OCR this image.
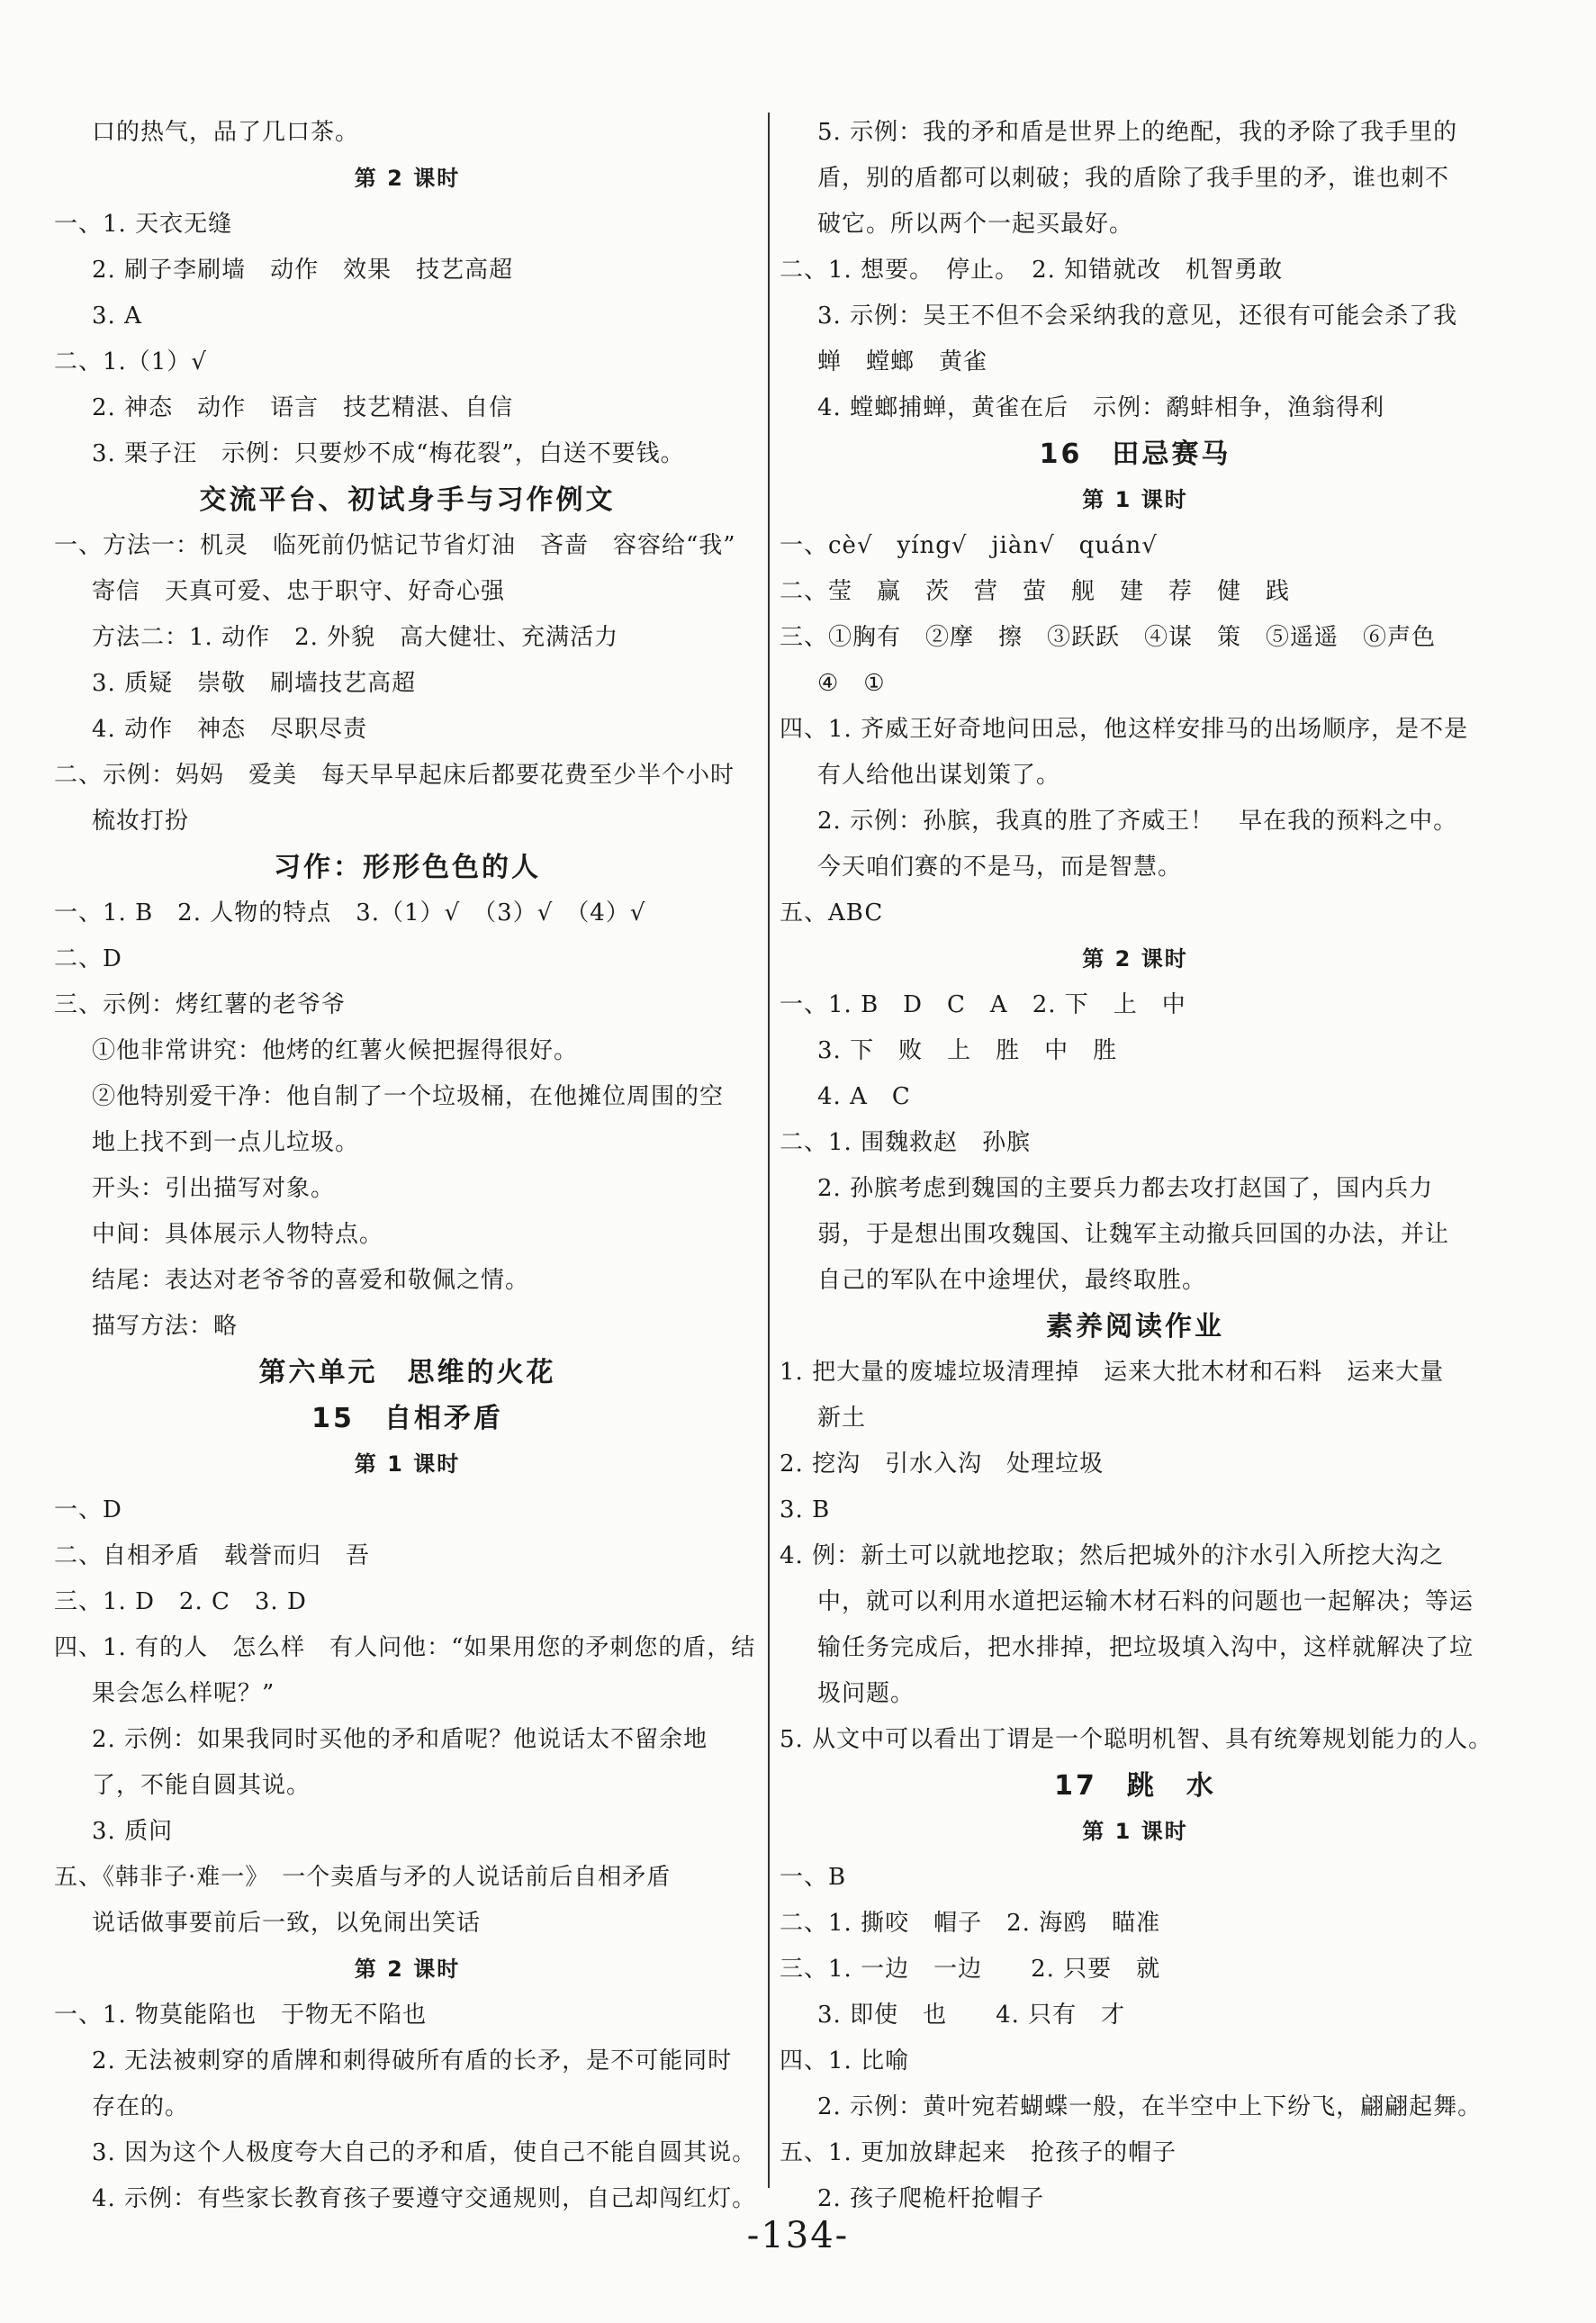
口的热气，品了几口茶。
第 2 课时
一、1. 天衣无缝
2. 刷子李刷墙　动作　效果　技艺高超
3. A
二、1.（1）√
2. 神态　动作　语言　技艺精湛、自信
3. 栗子汪　示例：只要炒不成“梅花裂”，白送不要钱。
交流平台、初试身手与习作例文
一、方法一：机灵　临死前仍惦记节省灯油　吝啬　容容给“我”
寄信　天真可爱、忠于职守、好奇心强
方法二：1. 动作　2. 外貌　高大健壮、充满活力
3. 质疑　崇敬　刷墙技艺高超
4. 动作　神态　尽职尽责
二、示例：妈妈　爱美　每天早早起床后都要花费至少半个小时
梳妆打扮
习作：形形色色的人
一、1. B　2. 人物的特点　3.（1）√　（3）√　（4）√
二、D
三、示例：烤红薯的老爷爷
①他非常讲究：他烤的红薯火候把握得很好。
②他特别爱干净：他自制了一个垃圾桶，在他摊位周围的空
地上找不到一点儿垃圾。
开头：引出描写对象。
中间：具体展示人物特点。
结尾：表达对老爷爷的喜爱和敬佩之情。
描写方法：略
第六单元　思维的火花
15　自相矛盾
第 1 课时
一、D
二、自相矛盾　载誉而归　吾
三、1. D　2. C　3. D
四、1. 有的人　怎么样　有人问他：“如果用您的矛刺您的盾，结
果会怎么样呢？”
2. 示例：如果我同时买他的矛和盾呢？他说话太不留余地
了，不能自圆其说。
3. 质问
五、《韩非子·难一》　一个卖盾与矛的人说话前后自相矛盾
说话做事要前后一致，以免闹出笑话
第 2 课时
一、1. 物莫能陷也　于物无不陷也
2. 无法被刺穿的盾牌和刺得破所有盾的长矛，是不可能同时
存在的。
3. 因为这个人极度夸大自己的矛和盾，使自己不能自圆其说。
4. 示例：有些家长教育孩子要遵守交通规则，自己却闯红灯。
5. 示例：我的矛和盾是世界上的绝配，我的矛除了我手里的
盾，别的盾都可以刺破；我的盾除了我手里的矛，谁也刺不
破它。所以两个一起买最好。
二、1. 想要。　停止。　2. 知错就改　机智勇敢
3. 示例：吴王不但不会采纳我的意见，还很有可能会杀了我
蝉　螳螂　黄雀
4. 螳螂捕蝉，黄雀在后　示例：鹬蚌相争，渔翁得利
16　田忌赛马
第 1 课时
一、cè√　yíng√　jiàn√　quán√
二、莹　赢　茨　营　萤　舰　建　荐　健　践
三、①胸有　②摩　擦　③跃跃　④谋　策　⑤遥遥　⑥声色
④　①
四、1. 齐威王好奇地问田忌，他这样安排马的出场顺序，是不是
有人给他出谋划策了。
2. 示例：孙膑，我真的胜了齐威王！　早在我的预料之中。
今天咱们赛的不是马，而是智慧。
五、ABC
第 2 课时
一、1. B　D　C　A　2. 下　上　中
3. 下　败　上　胜　中　胜
4. A　C
二、1. 围魏救赵　孙膑
2. 孙膑考虑到魏国的主要兵力都去攻打赵国了，国内兵力
弱，于是想出围攻魏国、让魏军主动撤兵回国的办法，并让
自己的军队在中途埋伏，最终取胜。
素养阅读作业
1. 把大量的废墟垃圾清理掉　运来大批木材和石料　运来大量
新土
2. 挖沟　引水入沟　处理垃圾
3. B
4. 例：新土可以就地挖取；然后把城外的汴水引入所挖大沟之
中，就可以利用水道把运输木材石料的问题也一起解决；等运
输任务完成后，把水排掉，把垃圾填入沟中，这样就解决了垃
圾问题。
5. 从文中可以看出丁谓是一个聪明机智、具有统筹规划能力的人。
17　跳　水
第 1 课时
一、B
二、1. 撕咬　帽子　2. 海鸥　瞄准
三、1. 一边　一边　　2. 只要　就
3. 即使　也　　4. 只有　才
四、1. 比喻
2. 示例：黄叶宛若蝴蝶一般，在半空中上下纷飞，翩翩起舞。
五、1. 更加放肆起来　抢孩子的帽子
2. 孩子爬桅杆抢帽子
-134-
